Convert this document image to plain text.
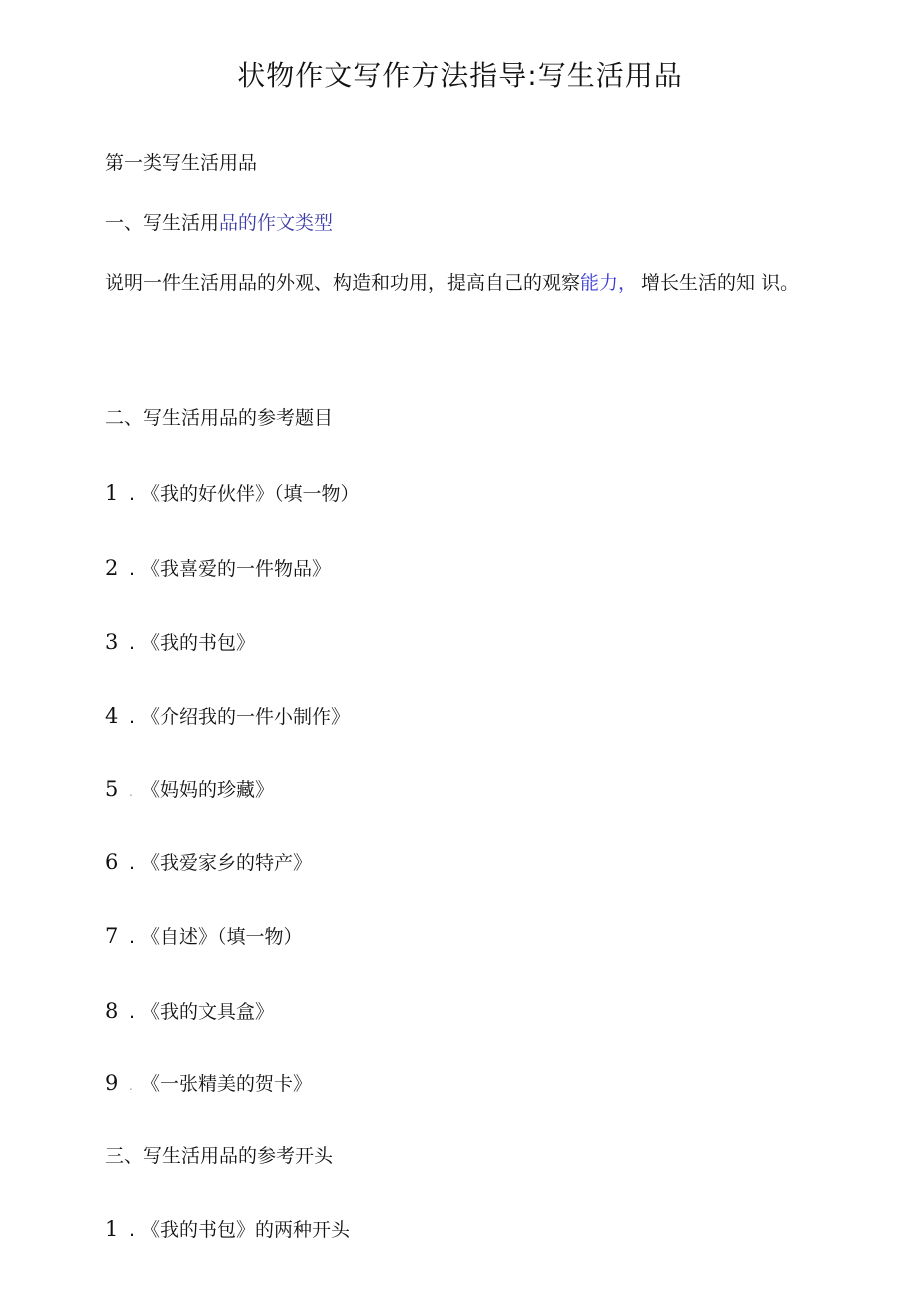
状物作文写作方法指导:写生活用品
第一类写生活用品
一、写生活用品的作文类型
说明一件生活用品的外观、构造和功用，提高自己的观察能力， 增长生活的知 识。
二、写生活用品的参考题目
1 . 《我的好伙伴》（填一物）
2 . 《我喜爱的一件物品》
3 . 《我的书包》
4 . 《介绍我的一件小制作》
5 . 《妈妈的珍藏》
6 . 《我爱家乡的特产》
7 . 《自述》（填一物）
8 . 《我的文具盒》
9 . 《一张精美的贺卡》
三、写生活用品的参考开头
1 . 《我的书包》的两种开头
